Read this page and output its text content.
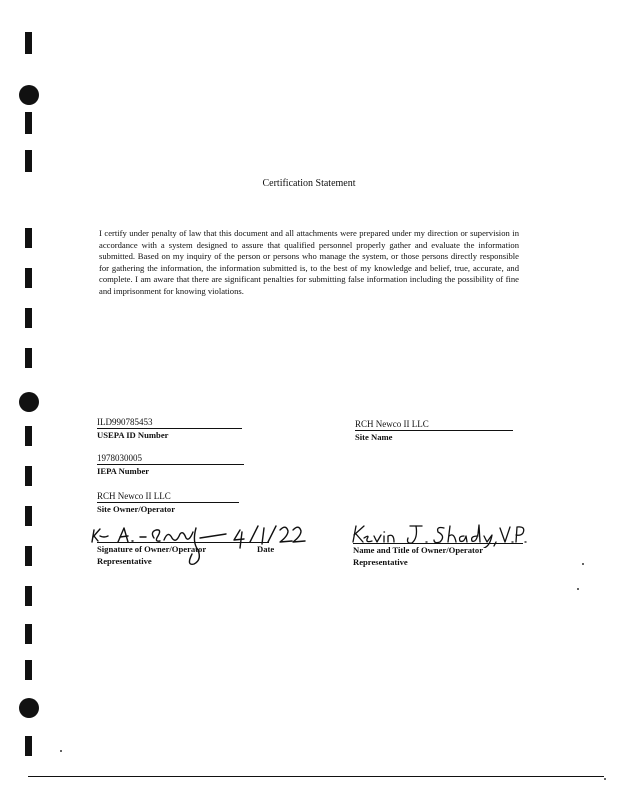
Certification Statement
I certify under penalty of law that this document and all attachments were prepared under my direction or supervision in accordance with a system designed to assure that qualified personnel properly gather and evaluate the information submitted. Based on my inquiry of the person or persons who manage the system, or those persons directly responsible for gathering the information, the information submitted is, to the best of my knowledge and belief, true, accurate, and complete. I am aware that there are significant penalties for submitting false information including the possibility of fine and imprisonment for knowing violations.
ILD990785453
USEPA ID Number
RCH Newco II LLC
Site Name
1978030005
IEPA Number
RCH Newco II LLC
Site Owner/Operator
Signature of Owner/Operator	Date
Representative
Name and Title of Owner/Operator
Representative
